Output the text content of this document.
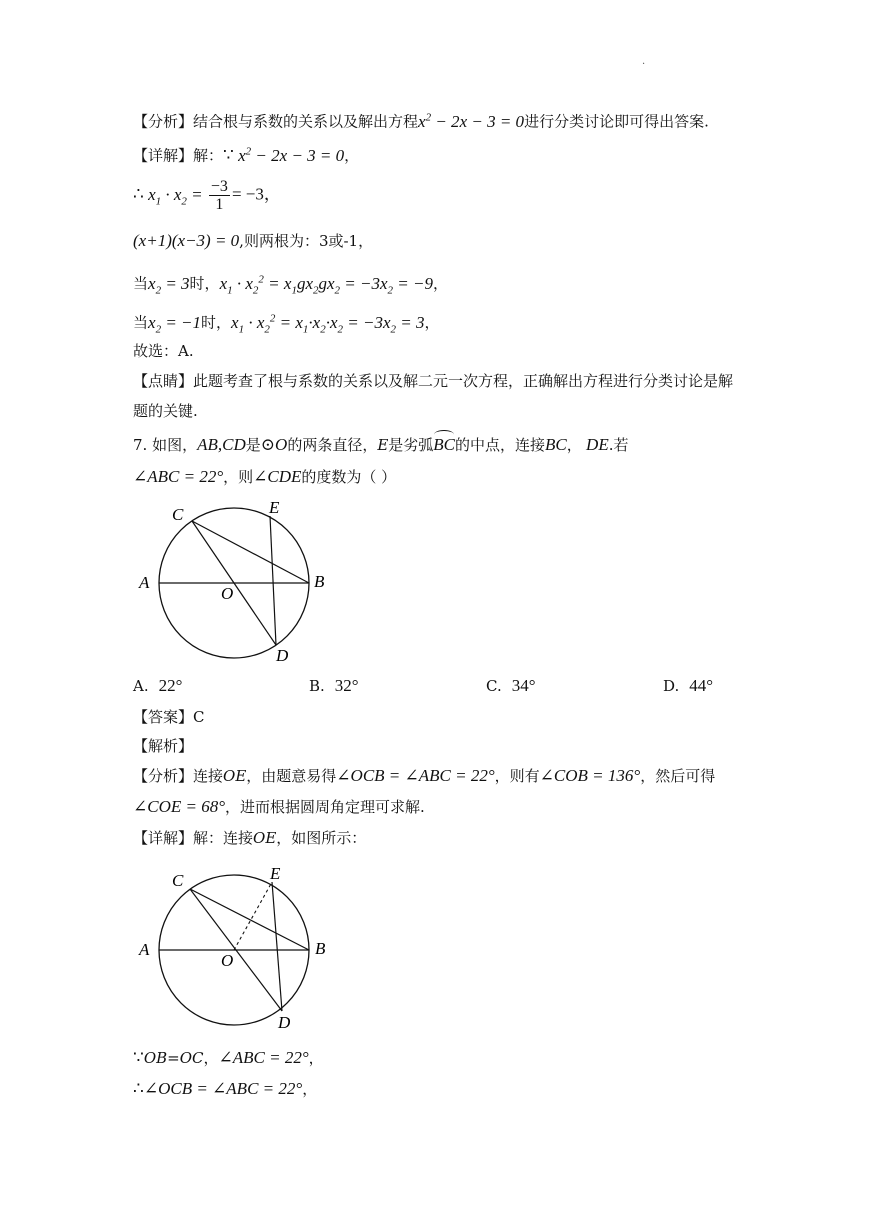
.
【分析】结合根与系数的关系以及解出方程$x^2 - 2x - 3 = 0$进行分类讨论即可得出答案.
【详解】解：∵ $x^2 - 2x - 3 = 0$，
∴ $x_1 \cdot x_2 = \frac{-3}{1} = -3$，
(x+1)(x−3) = 0,则两根为：3或-1，
当$x_2 = 3$时，$x_1 \cdot x_2^2 = x_1gx_2gx_2 = -3x_2 = -9$，
当$x_2 = -1$时，$x_1 \cdot x_2^2 = x_1\cdot x_2\cdot x_2 = -3x_2 = 3$，
故选：A.
【点睛】此题考查了根与系数的关系以及解二元一次方程，正确解出方程进行分类讨论是解
题的关键.
7. 如图，AB,CD是⊙O的两条直径，E是劣弧BC的中点，连接BC， DE.若
∠ABC = 22°，则∠CDE的度数为（ ）
A	B
C
D
E
O
A. 22°	B. 32°	C. 34°	D. 44°
【答案】C
【解析】
【分析】连接OE，由题意易得∠OCB = ∠ABC = 22°，则有∠COB = 136°，然后可得
∠COE = 68°，进而根据圆周角定理可求解.
【详解】解：连接OE，如图所示：
A	B
C
D
E
O
∵OB=OC，∠ABC = 22°，
∴∠OCB = ∠ABC = 22°，
